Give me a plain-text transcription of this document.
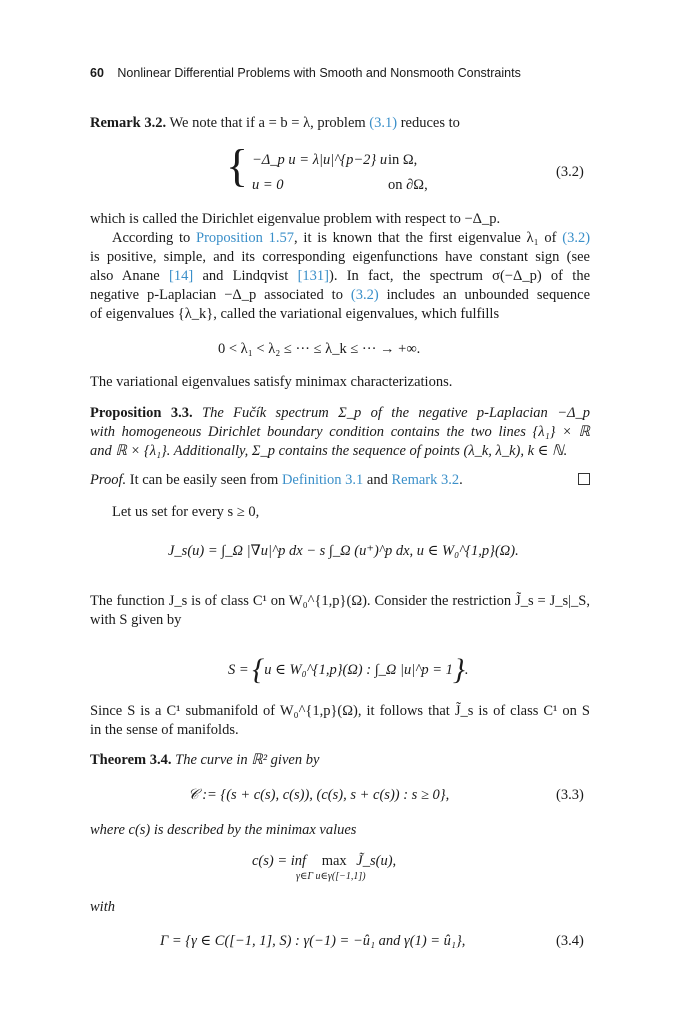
60 Nonlinear Differential Problems with Smooth and Nonsmooth Constraints
Remark 3.2. We note that if a = b = λ, problem (3.1) reduces to
{ −Δ_p u = λ|u|^{p−2} u in Ω,
u = 0	on ∂Ω,
(3.2)
which is called the Dirichlet eigenvalue problem with respect to −Δ_p.
According to Proposition 1.57, it is known that the first eigenvalue λ₁ of (3.2)
is positive, simple, and its corresponding eigenfunctions have constant sign (see
also Anane [14] and Lindqvist [131]). In fact, the spectrum σ(−Δ_p) of the
negative p-Laplacian −Δ_p associated to (3.2) includes an unbounded sequence
of eigenvalues {λ_k}, called the variational eigenvalues, which fulfills
0 < λ₁ < λ₂ ≤ ··· ≤ λ_k ≤ ··· → +∞.
The variational eigenvalues satisfy minimax characterizations.
Proposition 3.3. The Fučík spectrum Σ_p of the negative p-Laplacian −Δ_p
with homogeneous Dirichlet boundary condition contains the two lines {λ₁} × ℝ
and ℝ × {λ₁}. Additionally, Σ_p contains the sequence of points (λ_k, λ_k), k ∈ ℕ.
Proof. It can be easily seen from Definition 3.1 and Remark 3.2.
Let us set for every s ≥ 0,
J_s(u) = ∫_Ω |∇u|^p dx − s ∫_Ω (u⁺)^p dx, u ∈ W₀^{1,p}(Ω).
The function J_s is of class C¹ on W₀^{1,p}(Ω). Consider the restriction J̃_s = J_s|_S,
with S given by
S = {u ∈ W₀^{1,p}(Ω) : ∫_Ω |u|^p = 1}.
Since S is a C¹ submanifold of W₀^{1,p}(Ω), it follows that J̃_s is of class C¹ on S
in the sense of manifolds.
Theorem 3.4. The curve in ℝ² given by
𝒞 := {(s + c(s), c(s)), (c(s), s + c(s)) : s ≥ 0},	(3.3)
where c(s) is described by the minimax values
c(s) = inf max J̃_s(u),
γ∈Γ u∈γ([−1,1])
with
Γ = {γ ∈ C([−1, 1], S) : γ(−1) = −û₁ and γ(1) = û₁},	(3.4)
